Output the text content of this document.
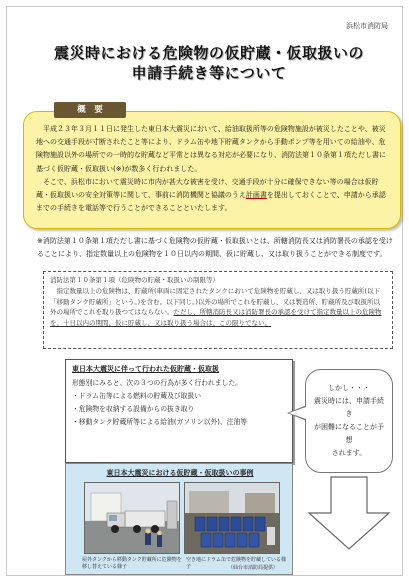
浜松市消防局
震災時における危険物の仮貯蔵・仮取扱いの
申請手続き等について
概　要

平成２３年３月１１日に発生した東日本大震災において、給油取扱所等の危険物施設が被災したことや、被災地への交通手段が寸断されたこと等により、ドラム缶や地下貯蔵タンクから手動ポンプ等を用いての給油や、危険物施設以外の場所での一時的な貯蔵など平常とは異なる対応が必要になり、消防法第１０条第１項ただし書に基づく仮貯蔵・仮取扱い(※)が数多く行われました。

そこで、浜松市において震災時に市内が甚大な被害を受け、交通手段が十分に確保できない等の場合は仮貯蔵・仮取扱いの安全対策等に関して、事前に消防機関と協議のうえ計画書を提出しておくことで、申請から承認までの手続きを電話等で行うことができることといたします。

※消防法第１０条第１項ただし書に基づく危険物の仮貯蔵・仮取扱いとは、所轄消防長又は消防署長の承認を受けることにより、指定数量以上の危険物を１０日以内の期間、仮に貯蔵し、又は取り扱うことができる制度です。
消防法第１０条第１項（危険物の貯蔵・取扱いの制限等）
指定数量以上の危険物は、貯蔵所(車両に固定されたタンクにおいて危険物を貯蔵し、又は取り扱う貯蔵所(以下「移動タンク貯蔵所」という。)を含む。以下同じ。)以外の場所でこれを貯蔵し、又は製造所、貯蔵所及び取扱所以外の場所でこれを取り扱つてはならない。ただし、所轄消防長又は消防署長の承認を受けて指定数量以上の危険物を、十日以内の期間、仮に貯蔵し、又は取り扱う場合は、この限りでない。
東日本大震災に伴って行われた仮貯蔵・仮取扱
形態別にみると、次の３つの行為が多く行われました。
・ドラム缶等による燃料の貯蔵及び取扱い
・危険物を収納する設備からの抜き取り
・移動タンク貯蔵所等による給油(ガソリン以外)、注油等
しかし・・・
震災時には、申請手続き
が困難になることが予想
されます。
東日本大震災における仮貯蔵・仮取扱いの事例
屋外タンクから移動タンク貯蔵所に危険物を移し替えている様子
空き地にドラム缶で危険物を貯蔵している様子	（仙台市消防局提供）
